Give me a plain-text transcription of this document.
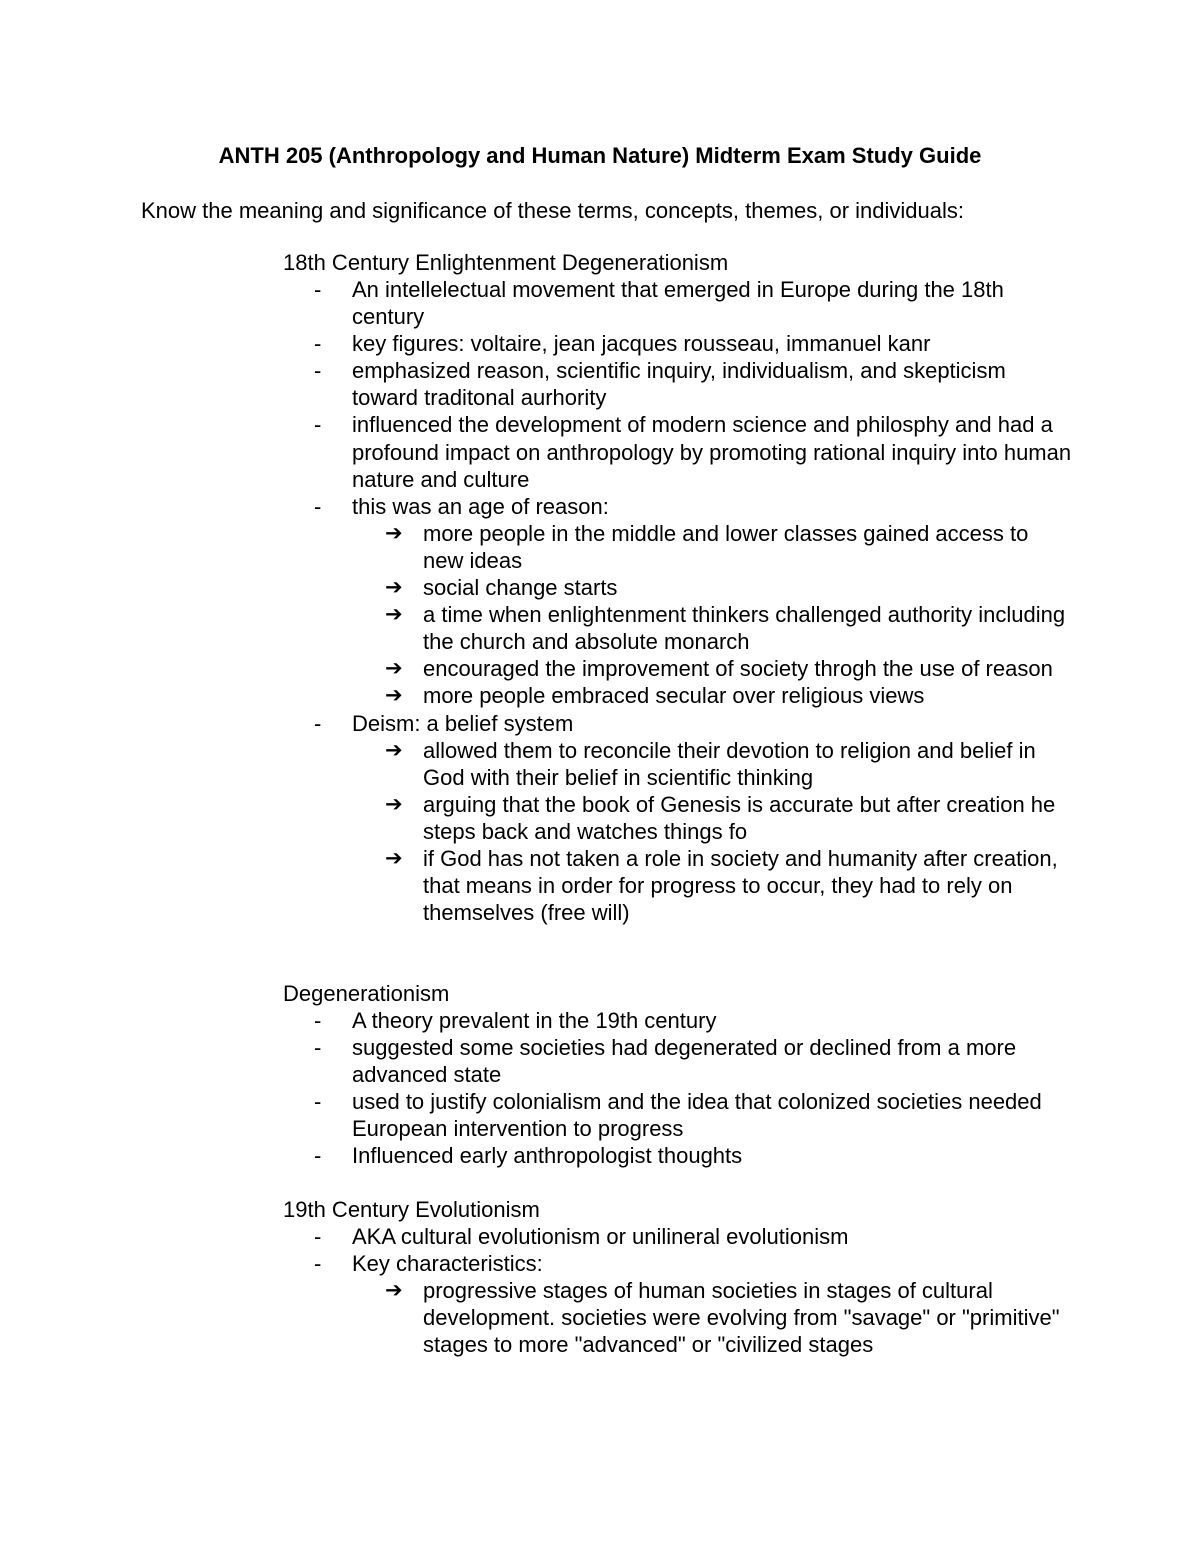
ANTH 205 (Anthropology and Human Nature) Midterm Exam Study Guide
Know the meaning and significance of these terms, concepts, themes, or individuals:
18th Century Enlightenment Degenerationism
- An intellelectual movement that emerged in Europe during the 18th century
- key figures: voltaire, jean jacques rousseau, immanuel kanr
- emphasized reason, scientific inquiry, individualism, and skepticism toward traditonal aurhority
- influenced the development of modern science and philosphy and had a profound impact on anthropology by promoting rational inquiry into human nature and culture
- this was an age of reason:
➔ more people in the middle and lower classes gained access to new ideas
➔ social change starts
➔ a time when enlightenment thinkers challenged authority including the church and absolute monarch
➔ encouraged the improvement of society throgh the use of reason
➔ more people embraced secular over religious views
- Deism: a belief system
➔ allowed them to reconcile their devotion to religion and belief in God with their belief in scientific thinking
➔ arguing that the book of Genesis is accurate but after creation he steps back and watches things fo
➔ if God has not taken a role in society and humanity after creation, that means in order for progress to occur, they had to rely on themselves (free will)
Degenerationism
- A theory prevalent in the 19th century
- suggested some societies had degenerated or declined from a more advanced state
- used to justify colonialism and the idea that colonized societies needed European intervention to progress
- Influenced early anthropologist thoughts
19th Century Evolutionism
- AKA cultural evolutionism or unilineral evolutionism
- Key characteristics:
➔ progressive stages of human societies in stages of cultural development. societies were evolving from "savage" or "primitive" stages to more "advanced" or "civilized stages
